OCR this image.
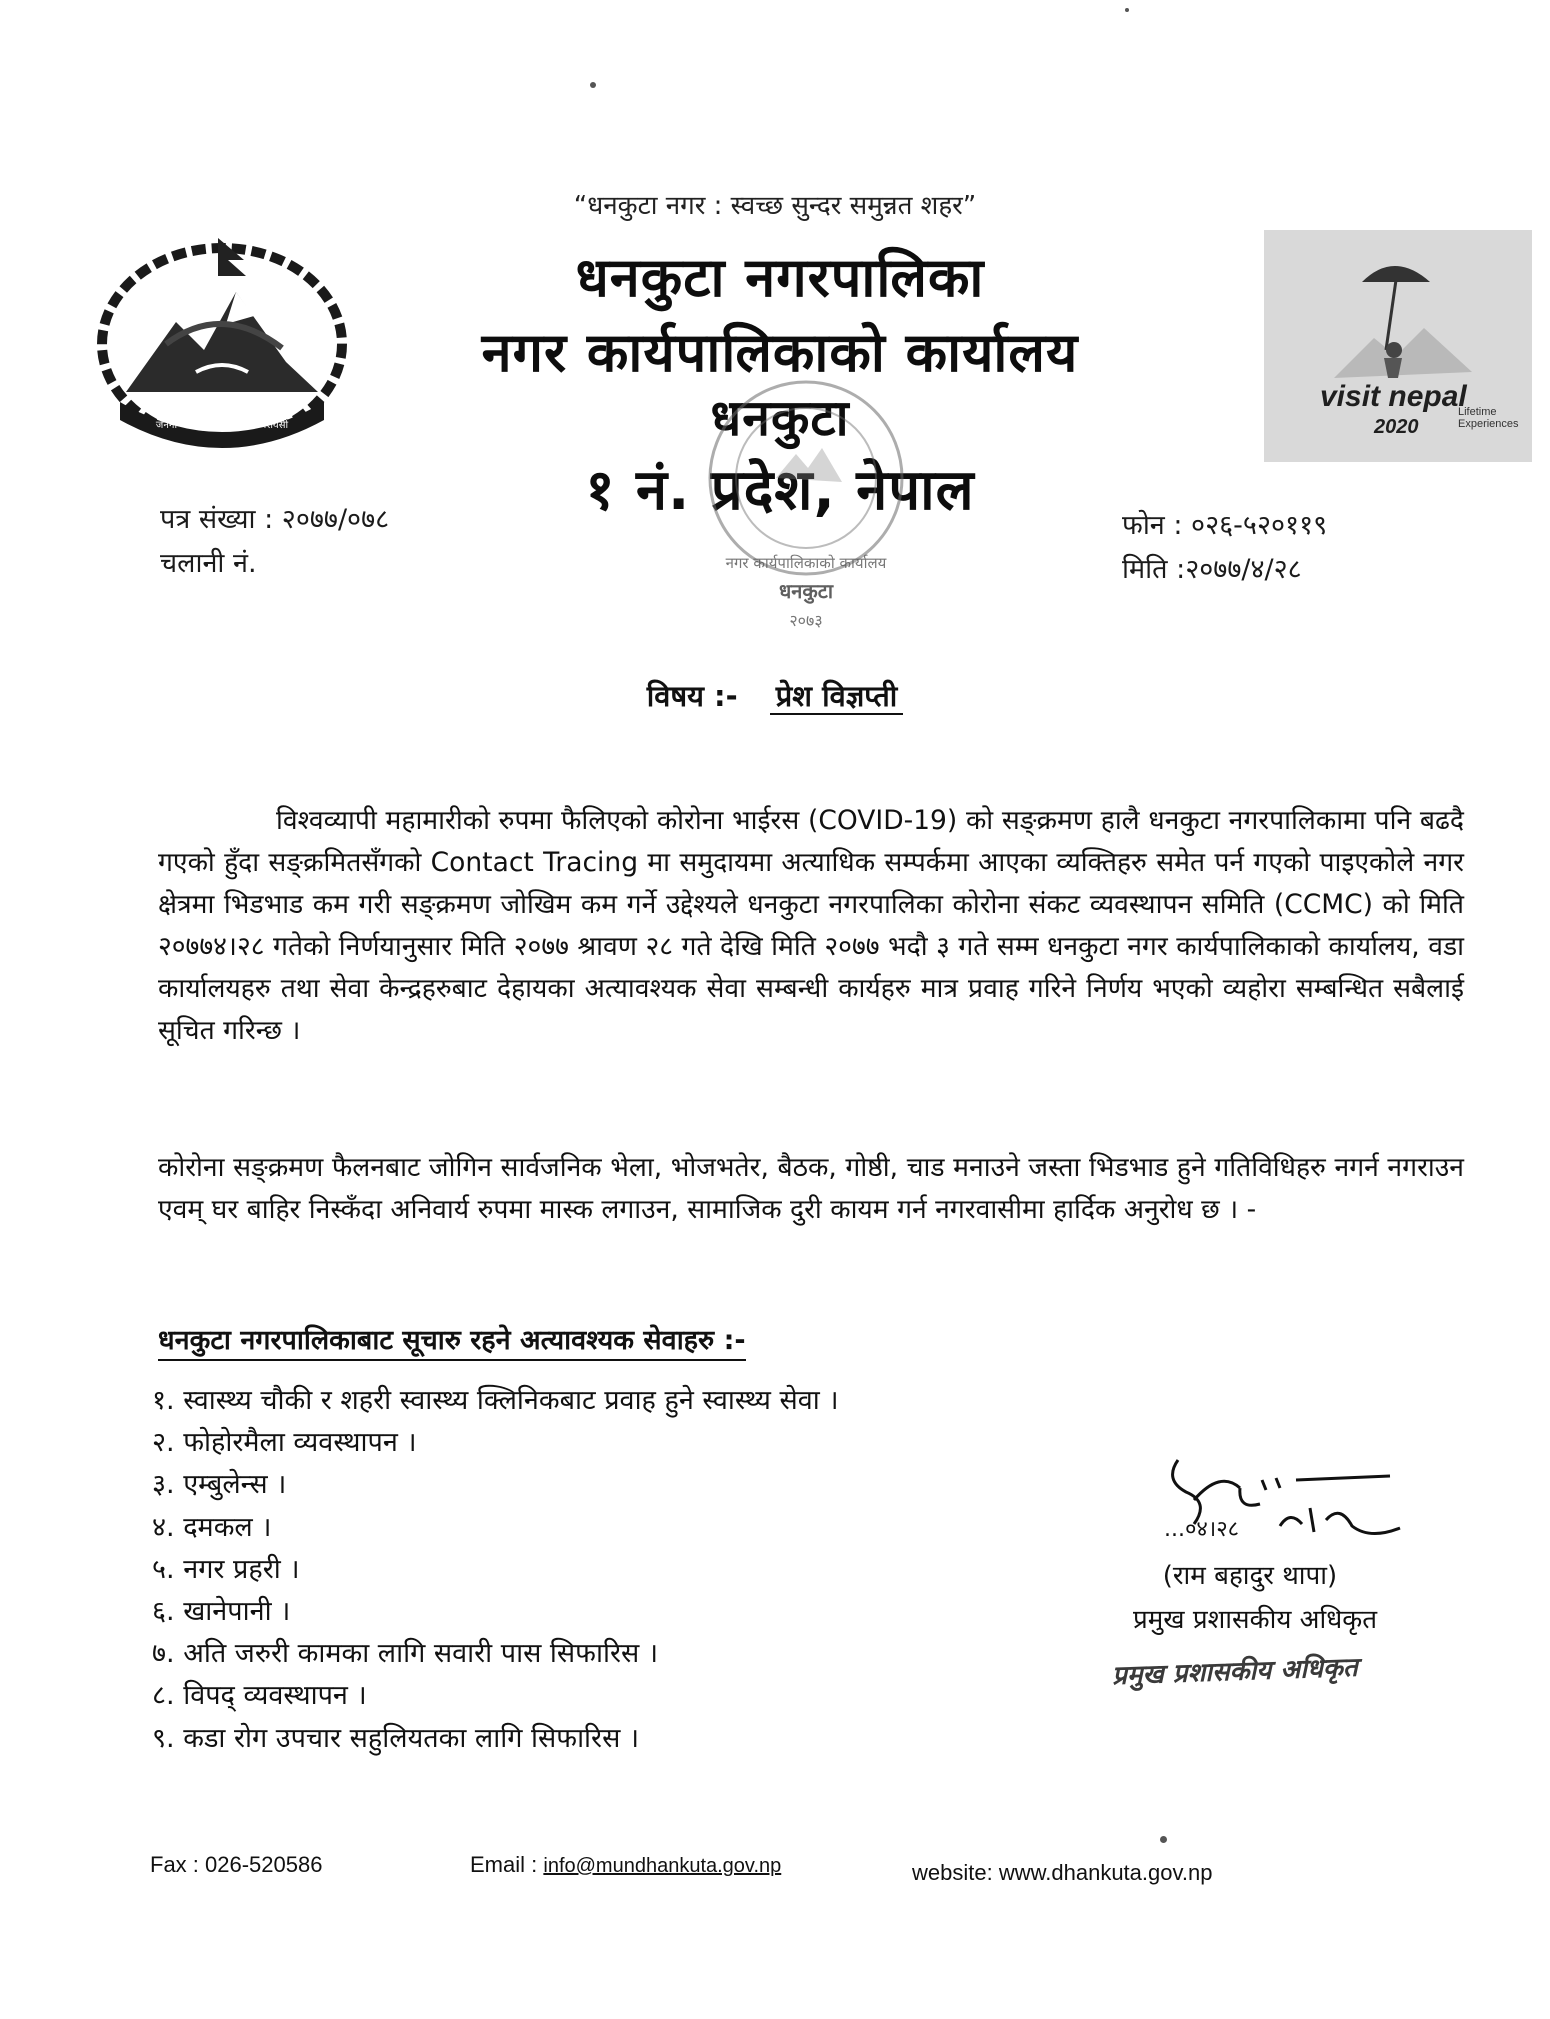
“धनकुटा नगर : स्वच्छ सुन्दर समुन्नत शहर”
धनकुटा नगरपालिका
नगर कार्यपालिकाको कार्यालय
धनकुटा
१ नं. प्रदेश, नेपाल
जननी जन्मभूमिश्च स्वर्गादपि गरीयसी
visit nepal
2020
Lifetime Experiences
नगर कार्यपालिकाको कार्यालय
धनकुटा
२०७३
पत्र संख्या : २०७७/०७८
चलानी नं.
फोन : ०२६-५२०११९
मिति :२०७७/४/२८
विषय :- प्रेश विज्ञप्ती
विश्वव्यापी महामारीको रुपमा फैलिएको कोरोना भाईरस (COVID-19) को सङ्क्रमण हालै धनकुटा नगरपालिकामा पनि बढदै गएको हुँदा सङ्क्रमितसँगको Contact Tracing मा समुदायमा अत्याधिक सम्पर्कमा आएका व्यक्तिहरु समेत पर्न गएको पाइएकोले नगर क्षेत्रमा भिडभाड कम गरी सङ्क्रमण जोखिम कम गर्ने उद्देश्यले धनकुटा नगरपालिका कोरोना संकट व्यवस्थापन समिति (CCMC) को मिति २०७७४।२८ गतेको निर्णयानुसार मिति २०७७ श्रावण २८ गते देखि मिति २०७७ भदौ ३ गते सम्म धनकुटा नगर कार्यपालिकाको कार्यालय, वडा कार्यालयहरु तथा सेवा केन्द्रहरुबाट देहायका अत्यावश्यक सेवा सम्बन्धी कार्यहरु मात्र प्रवाह गरिने निर्णय भएको व्यहोरा सम्बन्धित सबैलाई सूचित गरिन्छ ।
कोरोना सङ्क्रमण फैलनबाट जोगिन सार्वजनिक भेला, भोजभतेर, बैठक, गोष्ठी, चाड मनाउने जस्ता भिडभाड हुने गतिविधिहरु नगर्न नगराउन एवम् घर बाहिर निस्कँदा अनिवार्य रुपमा मास्क लगाउन, सामाजिक दुरी कायम गर्न नगरवासीमा हार्दिक अनुरोध छ । -
धनकुटा नगरपालिकाबाट सूचारु रहने अत्यावश्यक सेवाहरु :-
१. स्वास्थ्य चौकी र शहरी स्वास्थ्य क्लिनिकबाट प्रवाह हुने स्वास्थ्य सेवा ।
२. फोहोरमैला व्यवस्थापन ।
३. एम्बुलेन्स ।
४. दमकल ।
५. नगर प्रहरी ।
६. खानेपानी ।
७. अति जरुरी कामका लागि सवारी पास सिफारिस ।
८. विपद् व्यवस्थापन ।
९. कडा रोग उपचार सहुलियतका लागि सिफारिस ।
...०४।२८
(राम बहादुर थापा)
प्रमुख प्रशासकीय अधिकृत
प्रमुख प्रशासकीय अधिकृत
Fax : 026-520586	Email : info@mundhankuta.gov.np	website: www.dhankuta.gov.np
